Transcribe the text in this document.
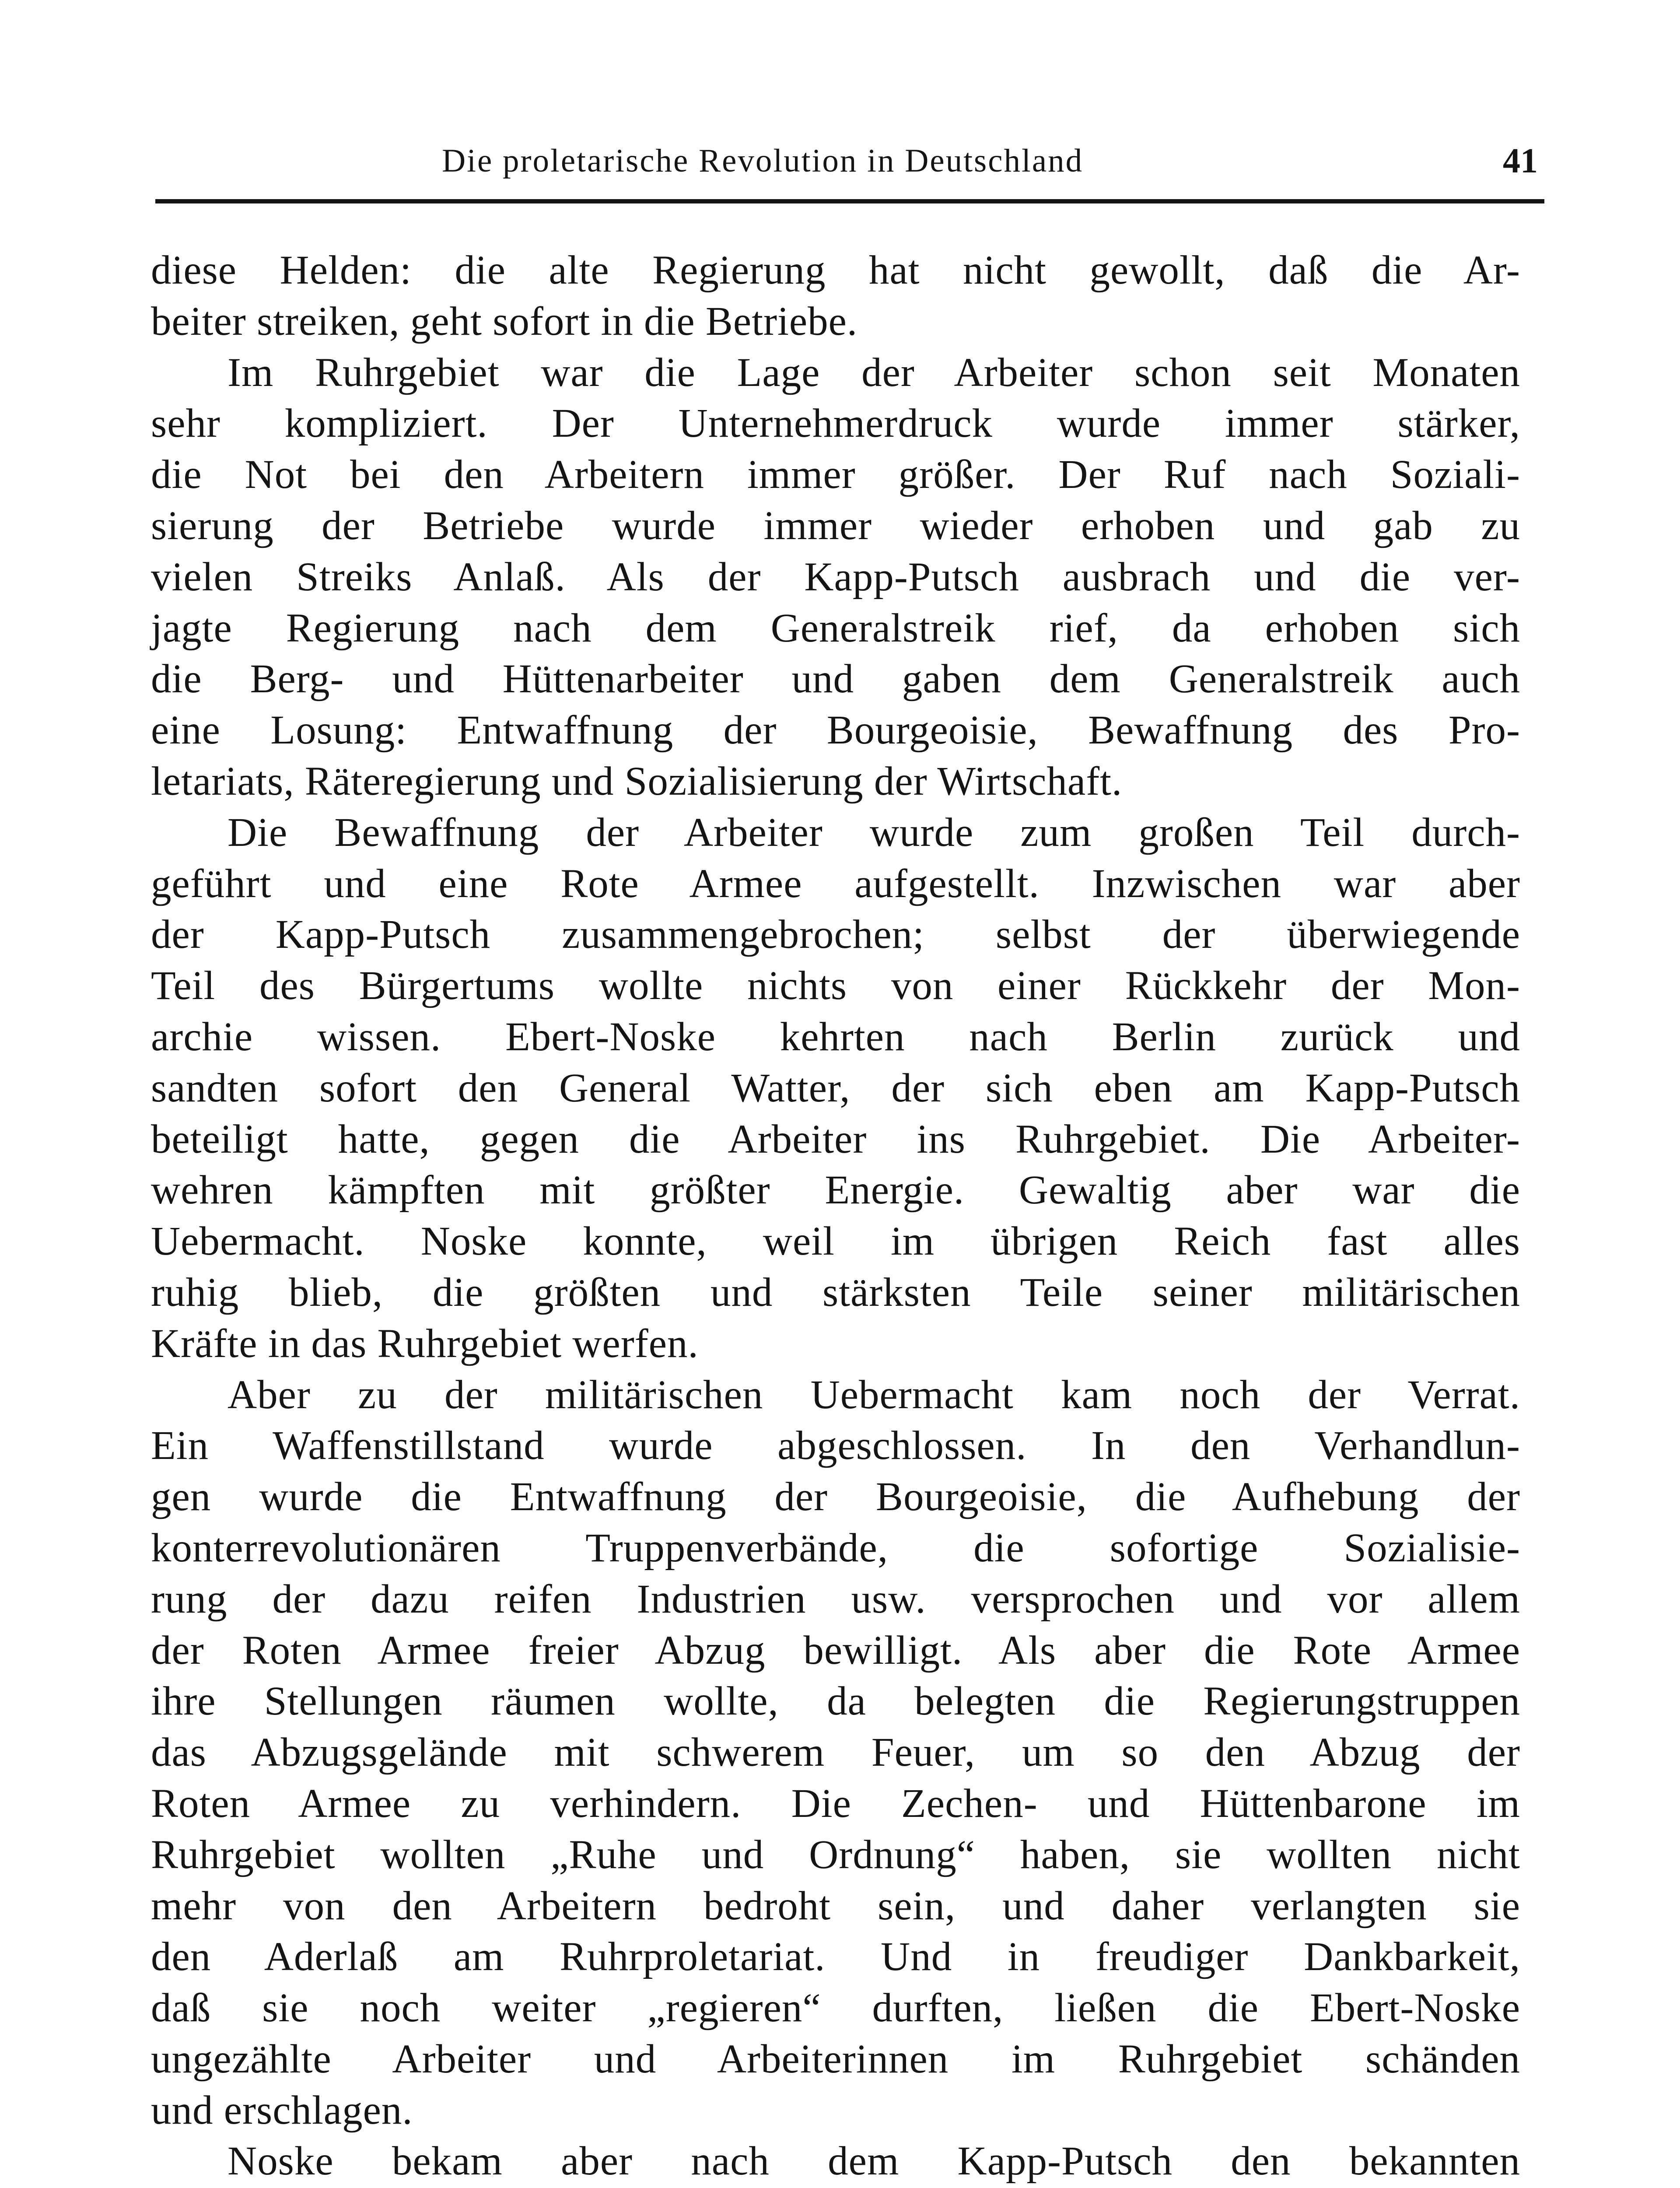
Die proletarische Revolution in Deutschland	41
diese Helden: die alte Regierung hat nicht gewollt, daß die Ar-
beiter streiken, geht sofort in die Betriebe.
Im Ruhrgebiet war die Lage der Arbeiter schon seit Monaten
sehr kompliziert. Der Unternehmerdruck wurde immer stärker,
die Not bei den Arbeitern immer größer. Der Ruf nach Soziali-
sierung der Betriebe wurde immer wieder erhoben und gab zu
vielen Streiks Anlaß. Als der Kapp-Putsch ausbrach und die ver-
jagte Regierung nach dem Generalstreik rief, da erhoben sich
die Berg- und Hüttenarbeiter und gaben dem Generalstreik auch
eine Losung: Entwaffnung der Bourgeoisie, Bewaffnung des Pro-
letariats, Räteregierung und Sozialisierung der Wirtschaft.
Die Bewaffnung der Arbeiter wurde zum großen Teil durch-
geführt und eine Rote Armee aufgestellt. Inzwischen war aber
der Kapp-Putsch zusammengebrochen; selbst der überwiegende
Teil des Bürgertums wollte nichts von einer Rückkehr der Mon-
archie wissen. Ebert-Noske kehrten nach Berlin zurück und
sandten sofort den General Watter, der sich eben am Kapp-Putsch
beteiligt hatte, gegen die Arbeiter ins Ruhrgebiet. Die Arbeiter-
wehren kämpften mit größter Energie. Gewaltig aber war die
Uebermacht. Noske konnte, weil im übrigen Reich fast alles
ruhig blieb, die größten und stärksten Teile seiner militärischen
Kräfte in das Ruhrgebiet werfen.
Aber zu der militärischen Uebermacht kam noch der Verrat.
Ein Waffenstillstand wurde abgeschlossen. In den Verhandlun-
gen wurde die Entwaffnung der Bourgeoisie, die Aufhebung der
konterrevolutionären Truppenverbände, die sofortige Sozialisie-
rung der dazu reifen Industrien usw. versprochen und vor allem
der Roten Armee freier Abzug bewilligt. Als aber die Rote Armee
ihre Stellungen räumen wollte, da belegten die Regierungstruppen
das Abzugsgelände mit schwerem Feuer, um so den Abzug der
Roten Armee zu verhindern. Die Zechen- und Hüttenbarone im
Ruhrgebiet wollten „Ruhe und Ordnung“ haben, sie wollten nicht
mehr von den Arbeitern bedroht sein, und daher verlangten sie
den Aderlaß am Ruhrproletariat. Und in freudiger Dankbarkeit,
daß sie noch weiter „regieren“ durften, ließen die Ebert-Noske
ungezählte Arbeiter und Arbeiterinnen im Ruhrgebiet schänden
und erschlagen.
Noske bekam aber nach dem Kapp-Putsch den bekannten
